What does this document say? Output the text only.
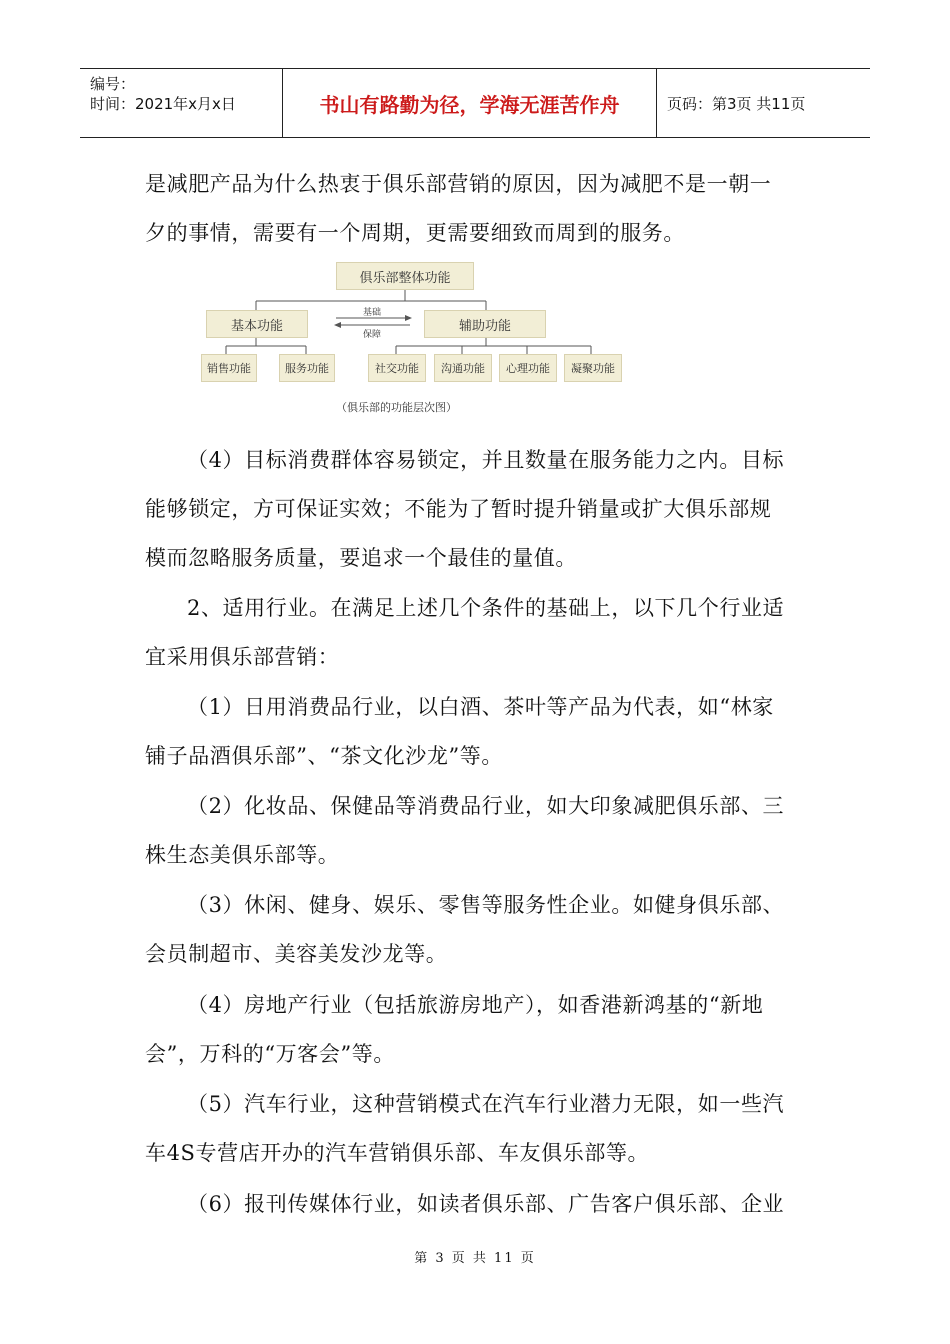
编号：
时间：2021年x月x日	书山有路勤为径，学海无涯苦作舟	页码：第3页 共11页

是减肥产品为什么热衷于俱乐部营销的原因，因为减肥不是一朝一
夕的事情，需要有一个周期，更需要细致而周到的服务。

俱乐部整体功能
基本功能	辅助功能
基础
保障
销售功能	服务功能	社交功能	沟通功能	心理功能	凝聚功能
（俱乐部的功能层次图）

（4）目标消费群体容易锁定，并且数量在服务能力之内。目标
能够锁定，方可保证实效；不能为了暂时提升销量或扩大俱乐部规
模而忽略服务质量，要追求一个最佳的量值。

2、适用行业。在满足上述几个条件的基础上，以下几个行业适
宜采用俱乐部营销：

（1）日用消费品行业，以白酒、茶叶等产品为代表，如“林家
铺子品酒俱乐部”、“茶文化沙龙”等。

（2）化妆品、保健品等消费品行业，如大印象减肥俱乐部、三
株生态美俱乐部等。

（3）休闲、健身、娱乐、零售等服务性企业。如健身俱乐部、
会员制超市、美容美发沙龙等。

（4）房地产行业（包括旅游房地产），如香港新鸿基的“新地
会”，万科的“万客会”等。

（5）汽车行业，这种营销模式在汽车行业潜力无限，如一些汽
车4S专营店开办的汽车营销俱乐部、车友俱乐部等。

（6）报刊传媒体行业，如读者俱乐部、广告客户俱乐部、企业

第 3 页 共 11 页
